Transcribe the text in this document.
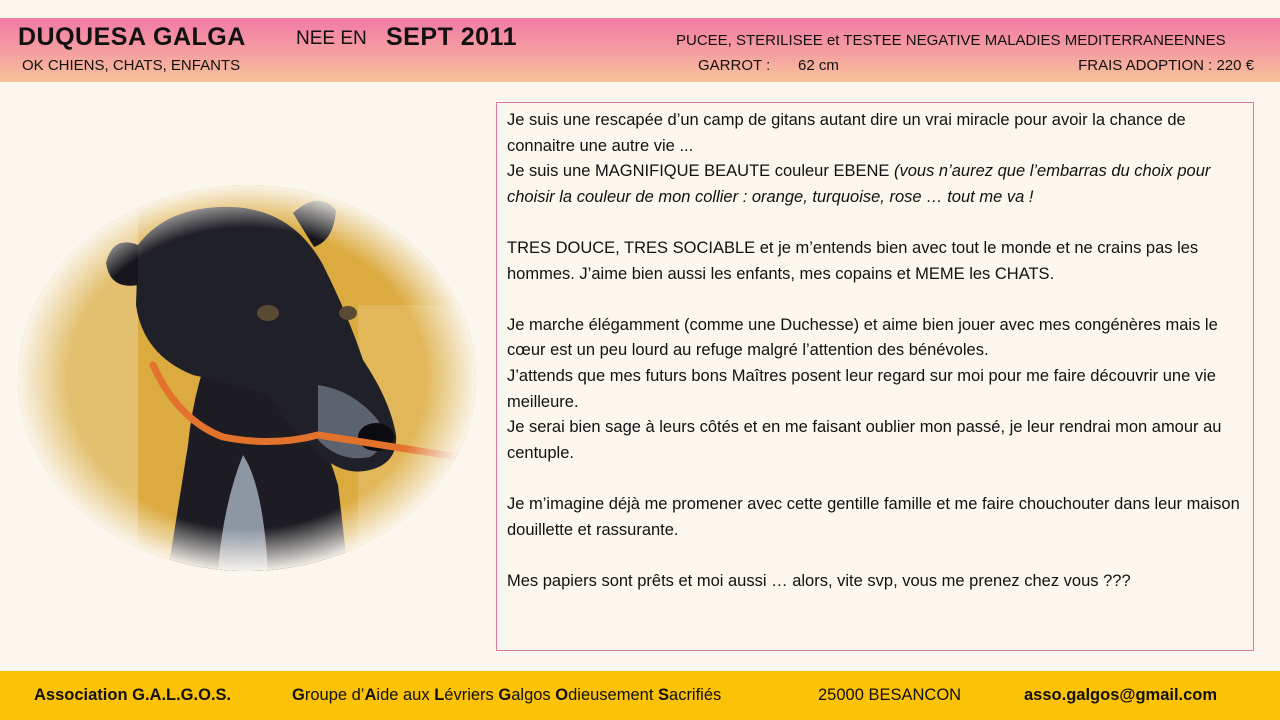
DUQUESA GALGA	NEE EN SEPT 2011	PUCEE, STERILISEE et TESTEE NEGATIVE MALADIES MEDITERRANEENNES
OK CHIENS, CHATS, ENFANTS	GARROT : 62 cm	FRAIS ADOPTION : 220 €

Je suis une rescapée d’un camp de gitans autant dire un vrai miracle pour avoir la chance de connaitre une autre vie ...

Je suis une MAGNIFIQUE BEAUTE couleur EBENE (vous n’aurez que l’embarras du choix pour choisir la couleur de mon collier : orange, turquoise, rose … tout me va !

TRES DOUCE, TRES SOCIABLE et je m’entends bien avec tout le monde et ne crains pas les hommes. J’aime bien aussi les enfants, mes copains et MEME les CHATS.

Je marche élégamment (comme une Duchesse) et aime bien jouer avec mes congénères mais le cœur est un peu lourd au refuge malgré l’attention des bénévoles.

J’attends que mes futurs bons Maîtres posent leur regard sur moi pour me faire découvrir une vie meilleure.

Je serai bien sage à leurs côtés et en me faisant oublier mon passé, je leur rendrai mon amour au centuple.

Je m’imagine déjà me promener avec cette gentille famille et me faire chouchouter dans leur maison douillette et rassurante.

Mes papiers sont prêts et moi aussi … alors, vite svp, vous me prenez chez vous ???

Association G.A.L.G.O.S.	Groupe d’Aide aux Lévriers Galgos Odieusement Sacrifiés	25000 BESANCON	asso.galgos@gmail.com
